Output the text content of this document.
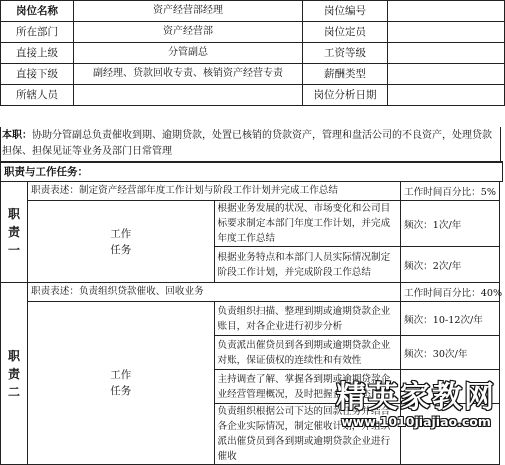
岗位名称	资产经营部经理	岗位编号	
所在部门	资产经营部	岗位定员	
直接上级	分管副总	工资等级	
直接下级	副经理、贷款回收专责、核销资产经营专责	薪酬类型	
所辖人员		岗位分析日期	
本职：协助分管副总负责催收到期、逾期贷款，处置已核销的贷款资产，管理和盘活公司的不良资产，处理贷款担保、担保见证等业务及部门日常管理
职责与工作任务：
职责一	职责表述：制定资产经营部年度工作计划与阶段工作计划并完成工作总结		工作时间百分比：5%
	工作任务	根据业务发展的状况、市场变化和公司目标要求制定本部门年度工作计划，并完成年度工作总结	频次：1次/年
		根据业务特点和本部门人员实际情况制定阶段工作计划，并完成阶段工作总结	频次：2次/年
职责二	职责表述：负责组织贷款催收、回收业务		工作时间百分比：40%
	工作任务	负责组织扫描、整理到期或逾期贷款企业账目，对各企业进行初步分析	频次：10-12次/年
		负责派出催贷员到各到期或逾期贷款企业对账，保证债权的连续性和有效性	频次：30次/年
		主持调查了解、掌握各到期或逾期贷款企业经营管理概况，及时把握企业动态	
		负责组织根据公司下达的回款任务并结合各企业实际情况，制定催收计划，并组织派出催贷员到各到期或逾期贷款企业进行催收	
精英家教网
www.1010jiajiao.com
